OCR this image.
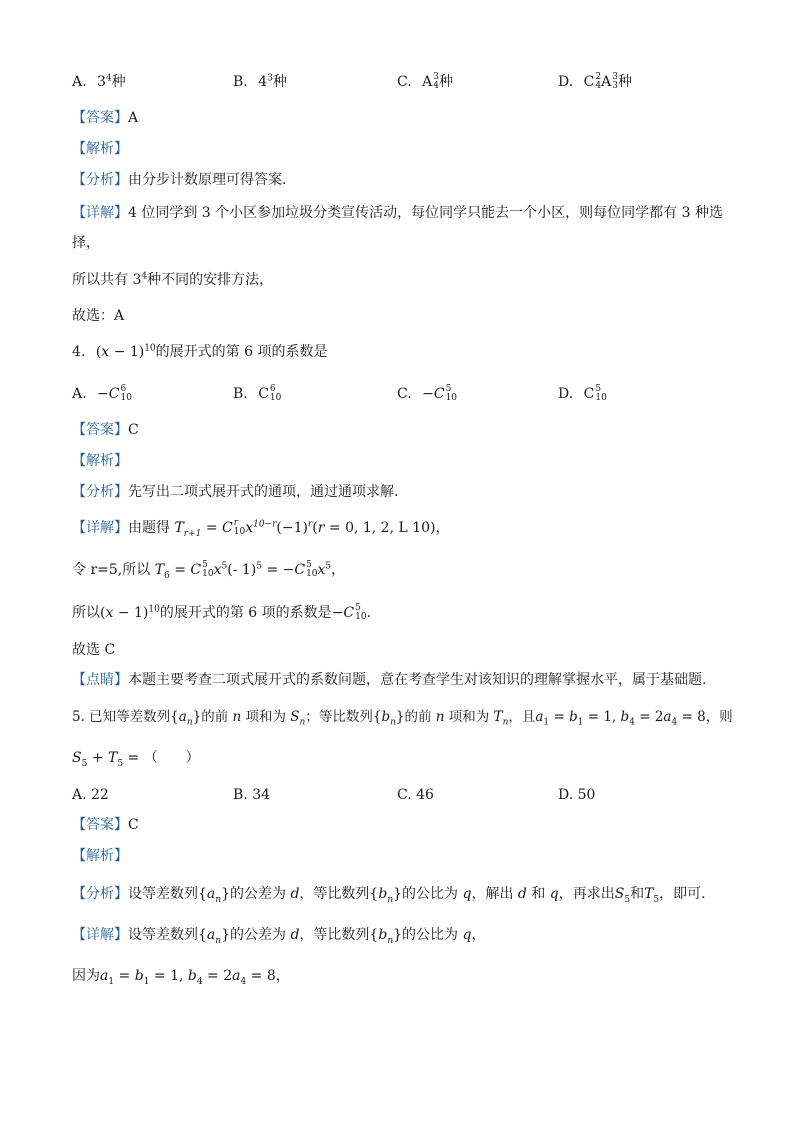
A. $3^4$种	B. $4^3$种	C. A 3
4 种	D. C 2
4 A 3
3 种
【答案】A
【解析】
【分析】由分步计数原理可得答案.
【详解】4 位同学到 3 个小区参加垃圾分类宣传活动，每位同学只能去一个小区，则每位同学都有 3 种选
择，
所以共有 $3^4$种不同的安排方法，
故选：A
4. $(x - 1)^{10}$的展开式的第 6 项的系数是
A. −C 6
10	B. C 6
10	C. −C 5
10	D. C 5
10
【答案】C
【解析】
【分析】先写出二项式展开式的通项，通过通项求解.
【详解】由题得 $T_{r+1} = C$ r
10 $x^{10-r}(-1)^r(r = 0$, 1, 2, L 10)，
令 r=5,所以 $T_6 = C$ 5
10 $x^5(-$ 1)$^5$ = −C 5
10 $x^5$，
所以$(x - 1)^{10}$的展开式的第 6 项的系数是−C 5
10 .
故选 C
【点睛】本题主要考查二项式展开式的系数问题，意在考查学生对该知识的理解掌握水平，属于基础题.
5. 已知等差数列$\{a_n\}$的前 n 项和为 $S_n$；等比数列$\{b_n\}$的前 n 项和为 $T_n$，且$a_1 = b_1 = 1$, $b_4 = 2a_4 = 8$，则
$S_5 + T_5$ = （　　）
A. 22	B. 34	C. 46	D. 50
【答案】C
【解析】
【分析】设等差数列$\{a_n\}$的公差为 d，等比数列$\{b_n\}$的公比为 q，解出 d 和 q，再求出$S_5$和$T_5$，即可.
【详解】设等差数列$\{a_n\}$的公差为 d，等比数列$\{b_n\}$的公比为 q，
因为$a_1 = b_1 = 1$, $b_4 = 2a_4 = 8$，
